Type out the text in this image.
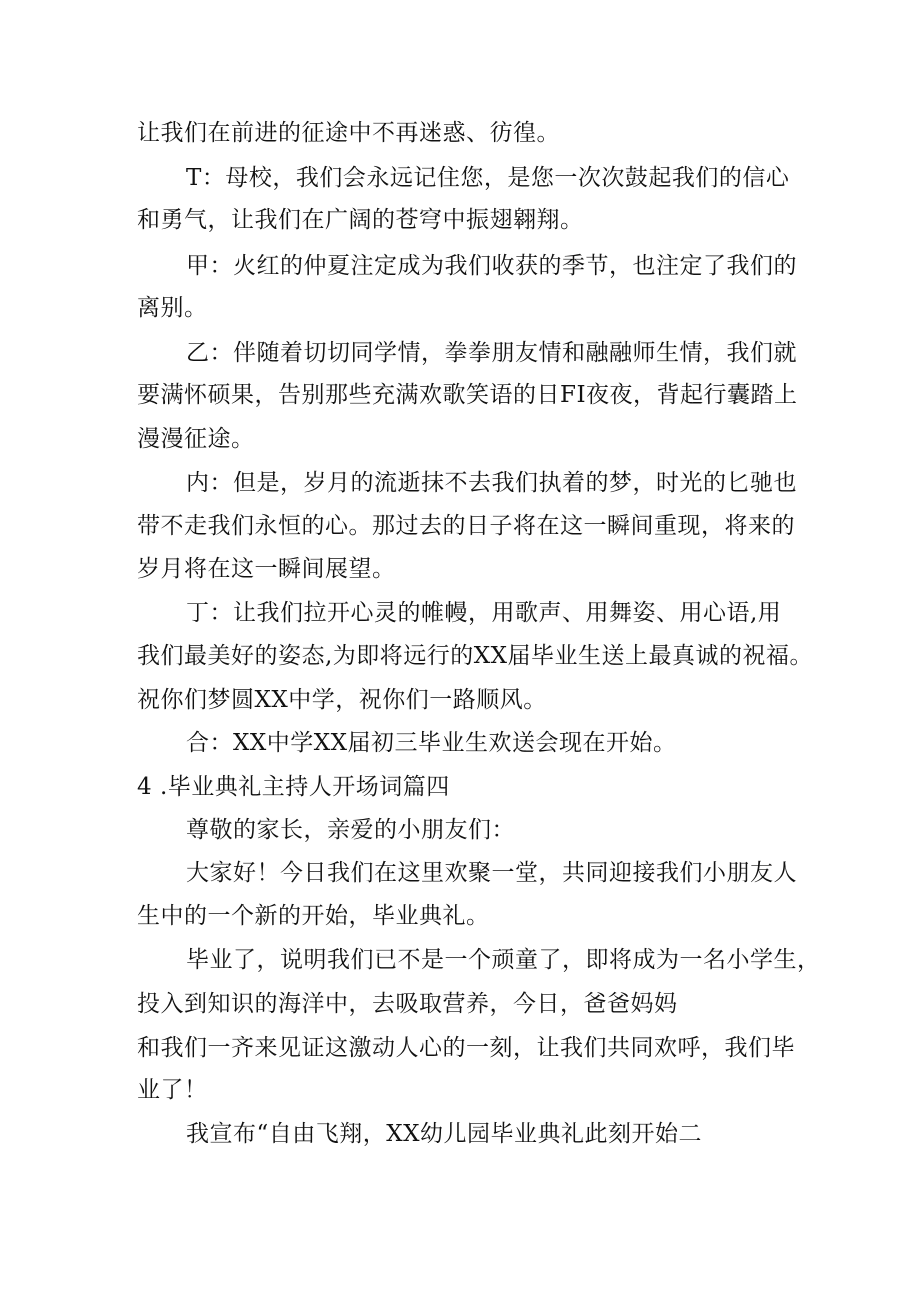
让我们在前进的征途中不再迷惑、彷徨。
T：母校，我们会永远记住您，是您一次次鼓起我们的信心
和勇气，让我们在广阔的苍穹中振翅翱翔。
甲：火红的仲夏注定成为我们收获的季节，也注定了我们的
离别。
乙：伴随着切切同学情，拳拳朋友情和融融师生情，我们就
要满怀硕果，告别那些充满欢歌笑语的日FI夜夜，背起行囊踏上
漫漫征途。
内：但是，岁月的流逝抹不去我们执着的梦，时光的匕驰也
带不走我们永恒的心。那过去的日子将在这一瞬间重现，将来的
岁月将在这一瞬间展望。
丁：让我们拉开心灵的帷幔，用歌声、用舞姿、用心语,用
我们最美好的姿态,为即将远行的XX届毕业生送上最真诚的祝福。
祝你们梦圆XX中学，祝你们一路顺风。
合：XX中学XX届初三毕业生欢送会现在开始。
4 .毕业典礼主持人开场词篇四
尊敬的家长，亲爱的小朋友们：
大家好！今日我们在这里欢聚一堂，共同迎接我们小朋友人
生中的一个新的开始，毕业典礼。
毕业了，说明我们已不是一个顽童了，即将成为一名小学生，
投入到知识的海洋中，去吸取营养，今日，爸爸妈妈
和我们一齐来见证这激动人心的一刻，让我们共同欢呼，我们毕
业了！
我宣布“自由飞翔，XX幼儿园毕业典礼此刻开始二
